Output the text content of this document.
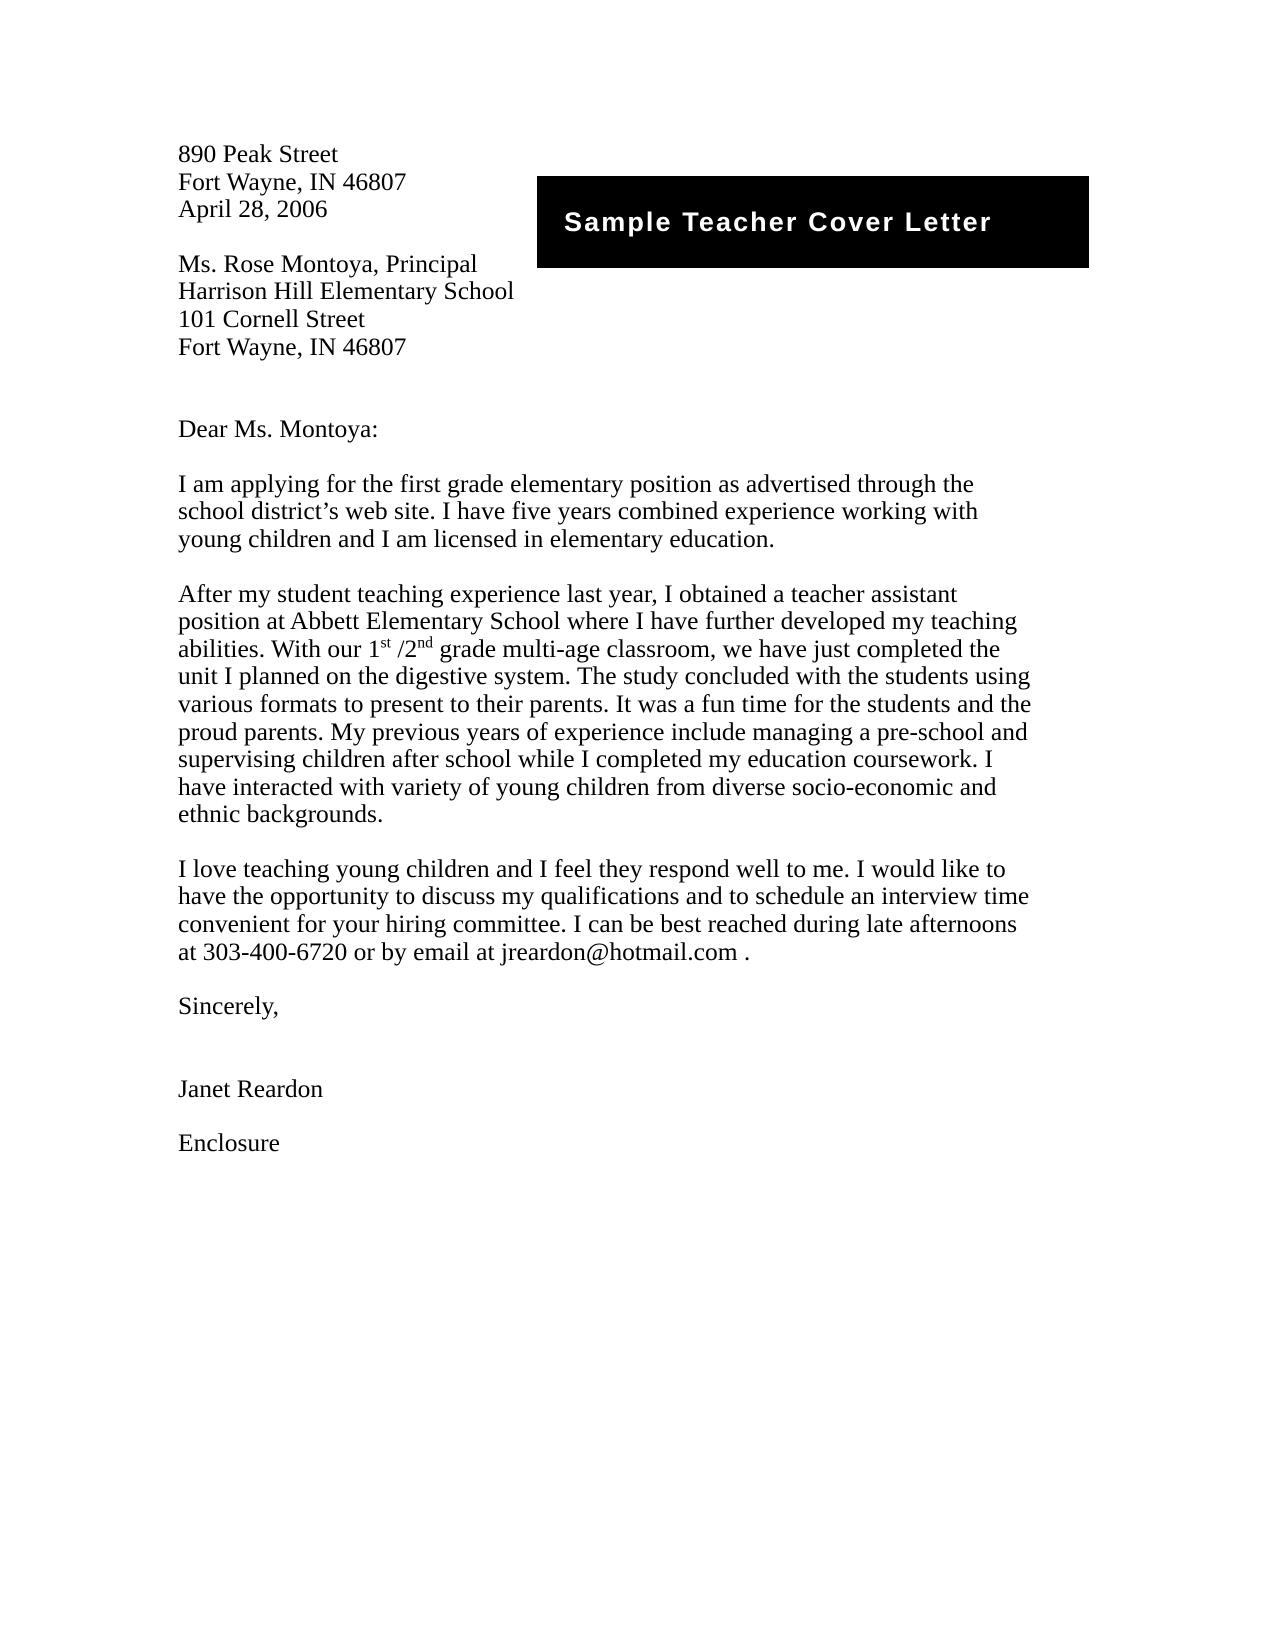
Sample Teacher Cover Letter
890 Peak Street
Fort Wayne, IN 46807
April 28, 2006
Ms. Rose Montoya, Principal
Harrison Hill Elementary School
101 Cornell Street
Fort Wayne, IN 46807
Dear Ms. Montoya:
I am applying for the first grade elementary position as advertised through the school district’s web site. I have five years combined experience working with young children and I am licensed in elementary education.
After my student teaching experience last year, I obtained a teacher assistant position at Abbett Elementary School where I have further developed my teaching abilities. With our 1st /2nd grade multi-age classroom, we have just completed the unit I planned on the digestive system. The study concluded with the students using various formats to present to their parents. It was a fun time for the students and the proud parents. My previous years of experience include managing a pre-school and supervising children after school while I completed my education coursework. I have interacted with variety of young children from diverse socio-economic and ethnic backgrounds.
I love teaching young children and I feel they respond well to me. I would like to have the opportunity to discuss my qualifications and to schedule an interview time convenient for your hiring committee. I can be best reached during late afternoons at 303-400-6720 or by email at jreardon@hotmail.com .
Sincerely,
Janet Reardon
Enclosure
